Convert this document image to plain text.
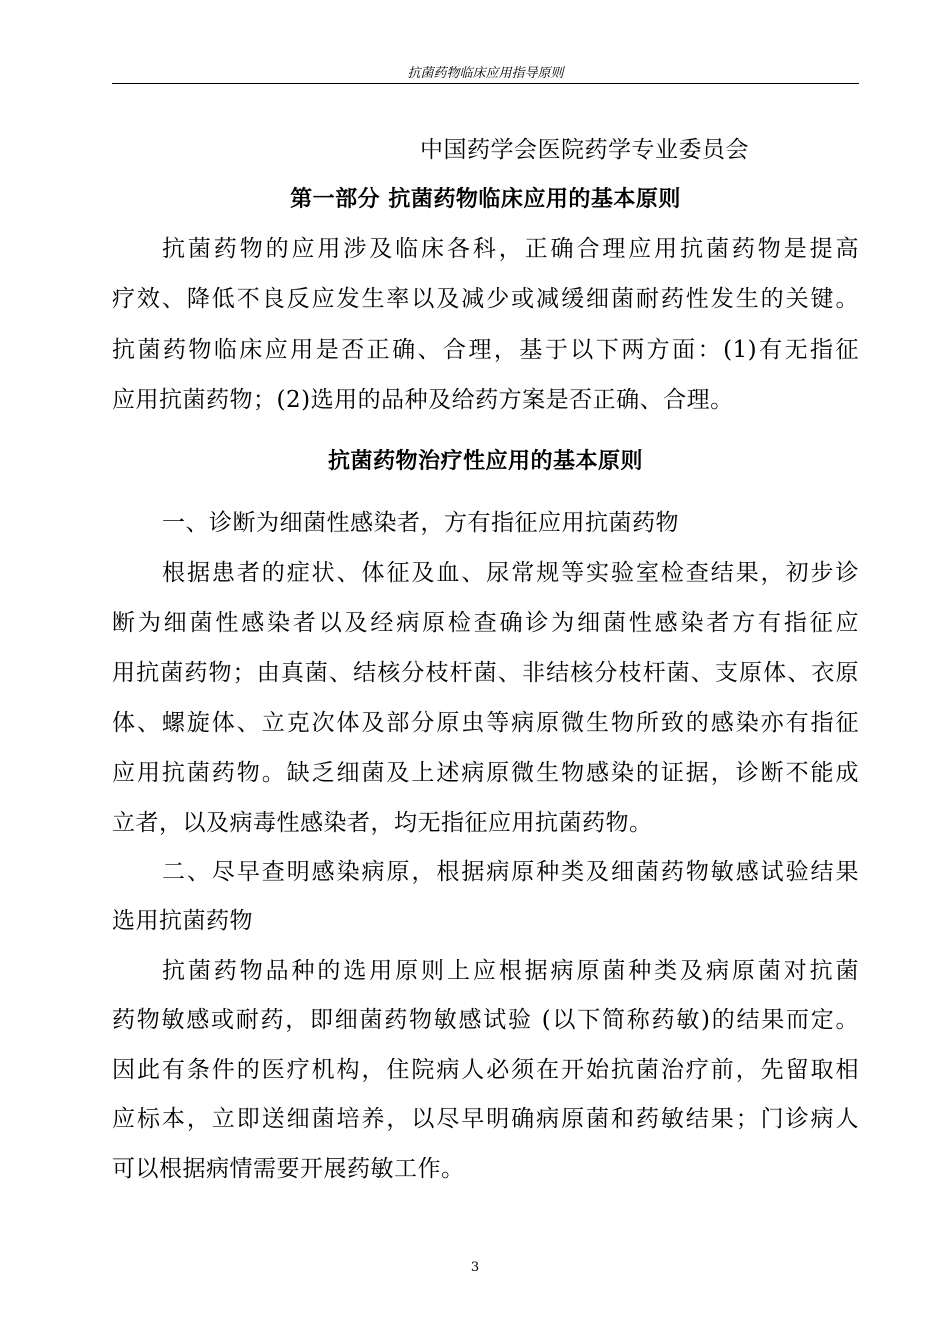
抗菌药物临床应用指导原则
中国药学会医院药学专业委员会
第一部分 抗菌药物临床应用的基本原则
抗菌药物的应用涉及临床各科，正确合理应用抗菌药物是提高
疗效、降低不良反应发生率以及减少或减缓细菌耐药性发生的关键。
抗菌药物临床应用是否正确、合理，基于以下两方面：(1)有无指征
应用抗菌药物；(2)选用的品种及给药方案是否正确、合理。
抗菌药物治疗性应用的基本原则
一、诊断为细菌性感染者，方有指征应用抗菌药物
根据患者的症状、体征及血、尿常规等实验室检查结果，初步诊
断为细菌性感染者以及经病原检查确诊为细菌性感染者方有指征应
用抗菌药物；由真菌、结核分枝杆菌、非结核分枝杆菌、支原体、衣原
体、螺旋体、立克次体及部分原虫等病原微生物所致的感染亦有指征
应用抗菌药物。缺乏细菌及上述病原微生物感染的证据，诊断不能成
立者，以及病毒性感染者，均无指征应用抗菌药物。
二、尽早查明感染病原，根据病原种类及细菌药物敏感试验结果
选用抗菌药物
抗菌药物品种的选用原则上应根据病原菌种类及病原菌对抗菌
药物敏感或耐药，即细菌药物敏感试验 (以下简称药敏)的结果而定。
因此有条件的医疗机构，住院病人必须在开始抗菌治疗前，先留取相
应标本，立即送细菌培养，以尽早明确病原菌和药敏结果；门诊病人
可以根据病情需要开展药敏工作。
3
